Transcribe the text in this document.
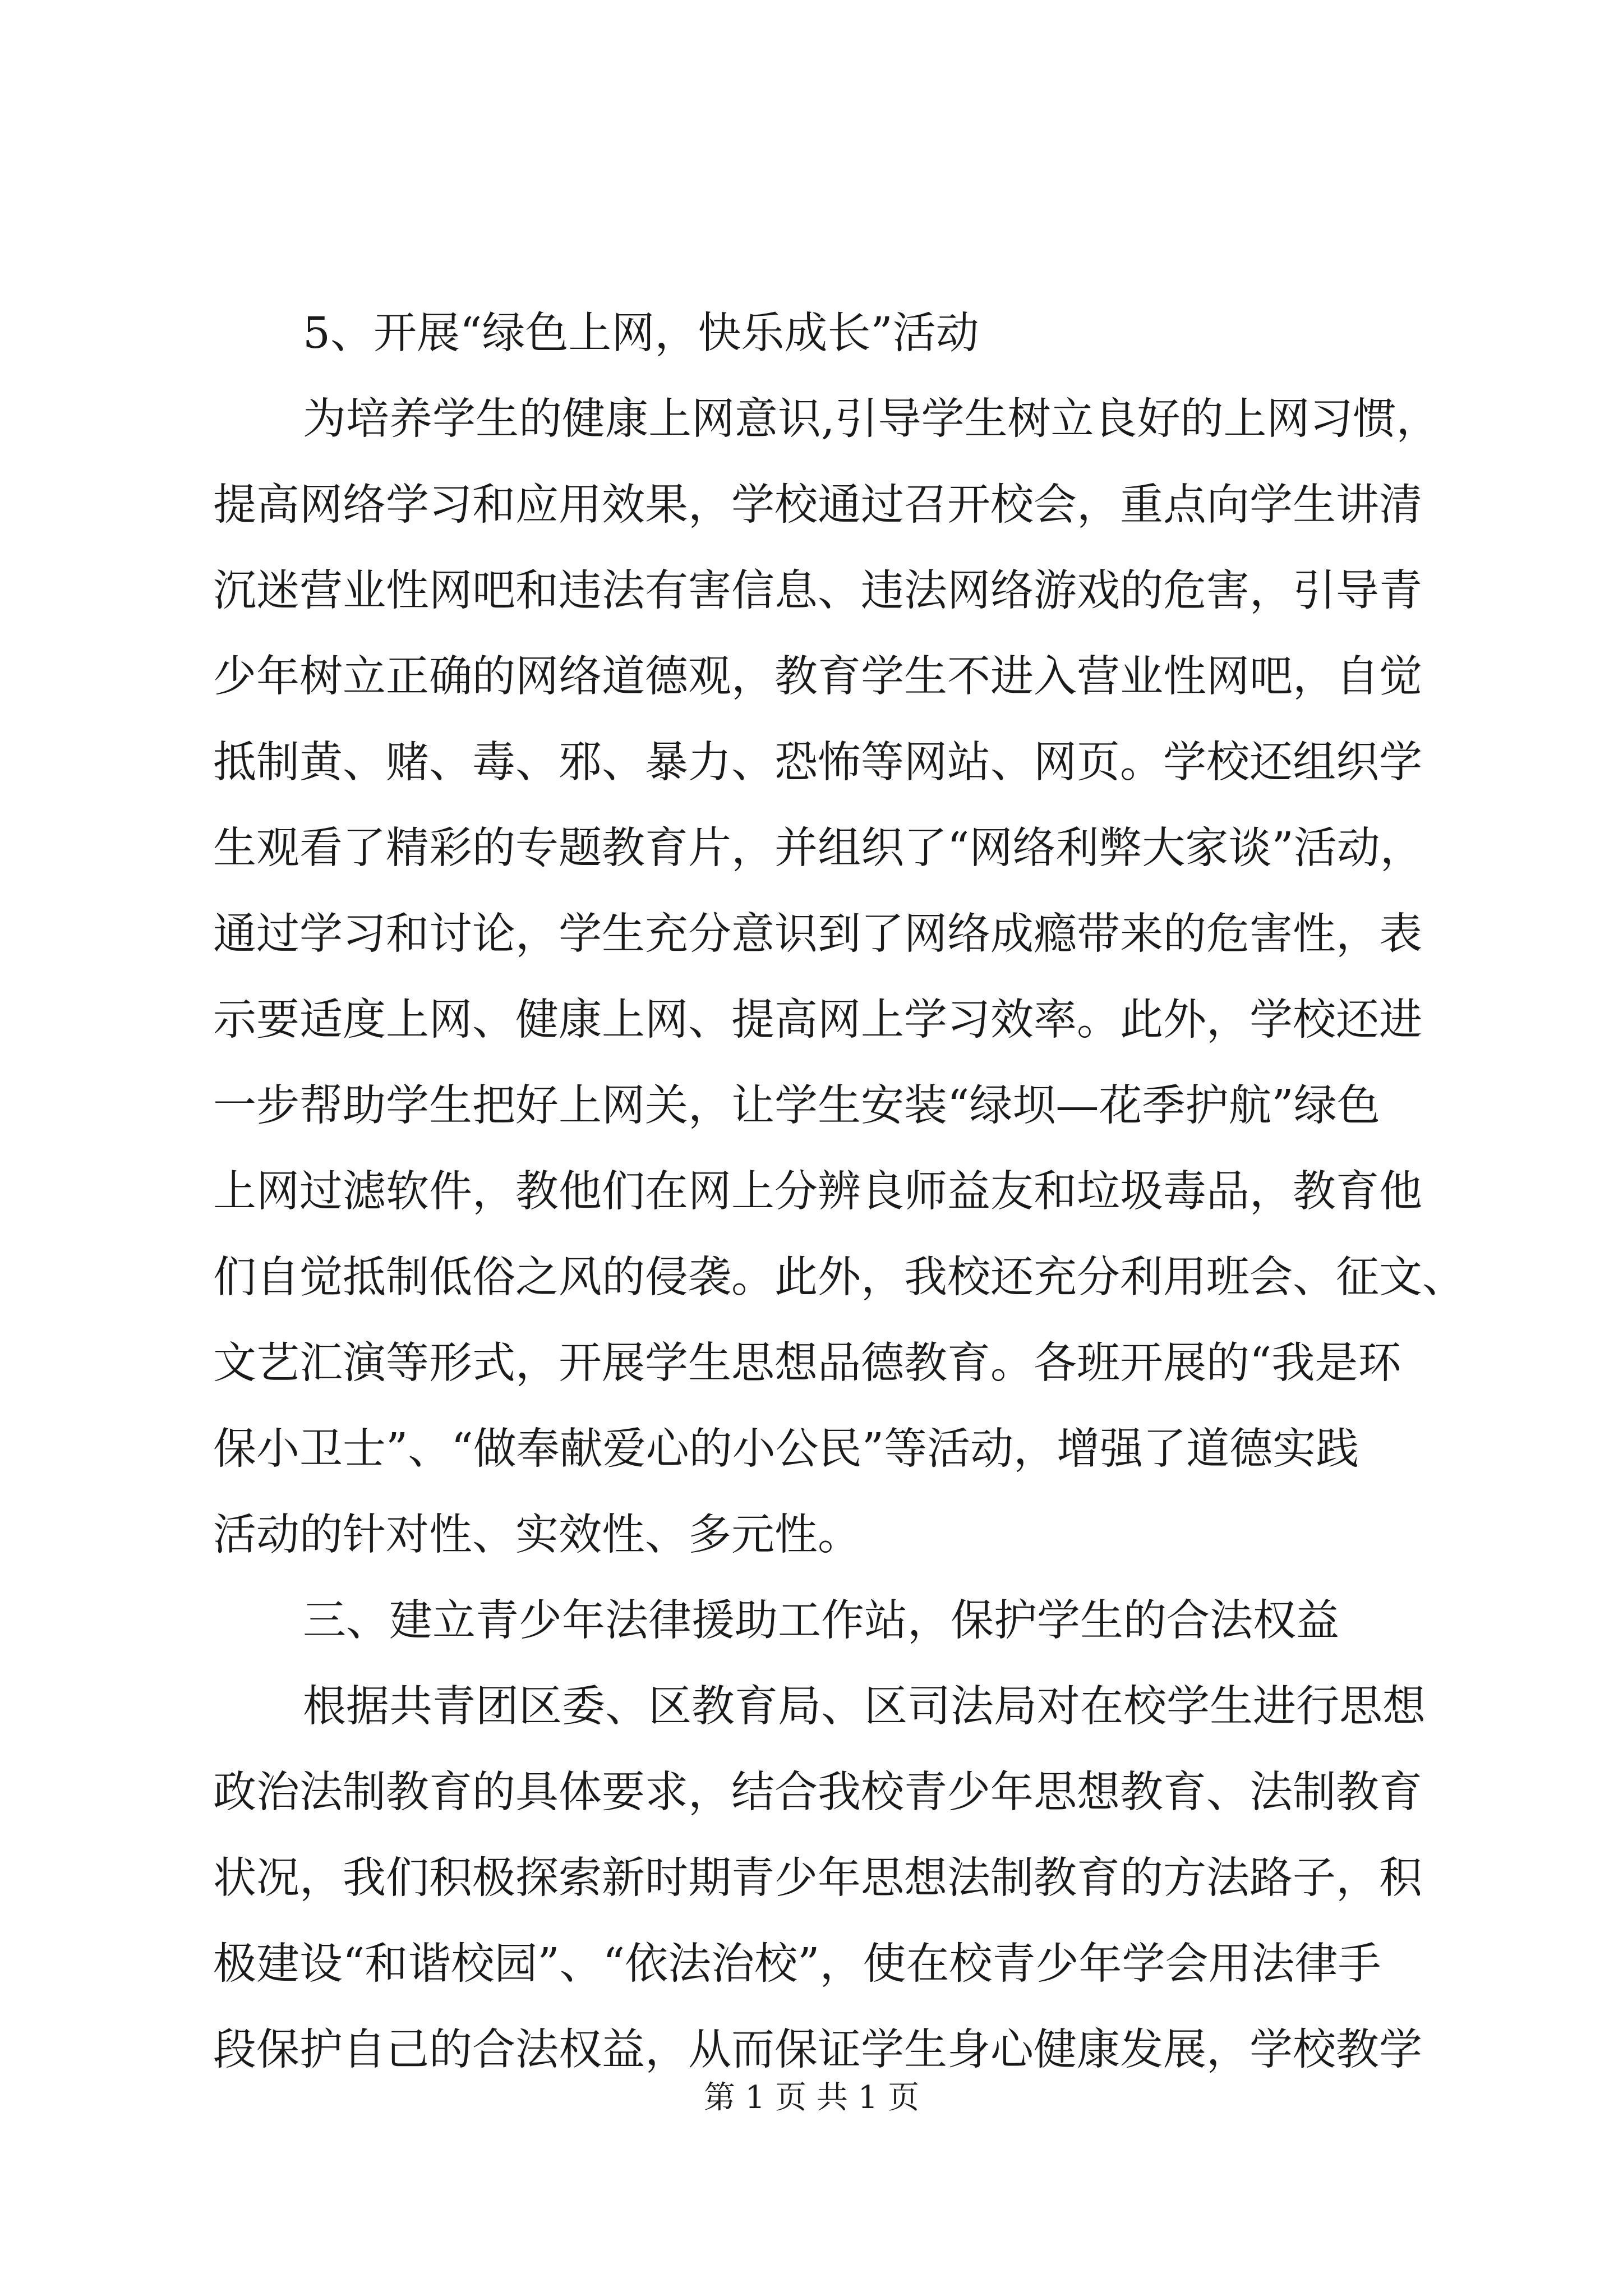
5、开展“绿色上网，快乐成长”活动
为培养学生的健康上网意识,引导学生树立良好的上网习惯，
提高网络学习和应用效果，学校通过召开校会，重点向学生讲清
沉迷营业性网吧和违法有害信息、违法网络游戏的危害，引导青
少年树立正确的网络道德观，教育学生不进入营业性网吧，自觉
抵制黄、赌、毒、邪、暴力、恐怖等网站、网页。学校还组织学
生观看了精彩的专题教育片，并组织了“网络利弊大家谈”活动，
通过学习和讨论，学生充分意识到了网络成瘾带来的危害性，表
示要适度上网、健康上网、提高网上学习效率。此外，学校还进
一步帮助学生把好上网关，让学生安装“绿坝—花季护航”绿色
上网过滤软件，教他们在网上分辨良师益友和垃圾毒品，教育他
们自觉抵制低俗之风的侵袭。此外，我校还充分利用班会、征文、
文艺汇演等形式，开展学生思想品德教育。各班开展的“我是环
保小卫士”、“做奉献爱心的小公民”等活动，增强了道德实践
活动的针对性、实效性、多元性。
三、建立青少年法律援助工作站，保护学生的合法权益
根据共青团区委、区教育局、区司法局对在校学生进行思想
政治法制教育的具体要求，结合我校青少年思想教育、法制教育
状况，我们积极探索新时期青少年思想法制教育的方法路子，积
极建设“和谐校园”、“依法治校”，使在校青少年学会用法律手
段保护自己的合法权益，从而保证学生身心健康发展，学校教学
第 1 页 共 1 页
